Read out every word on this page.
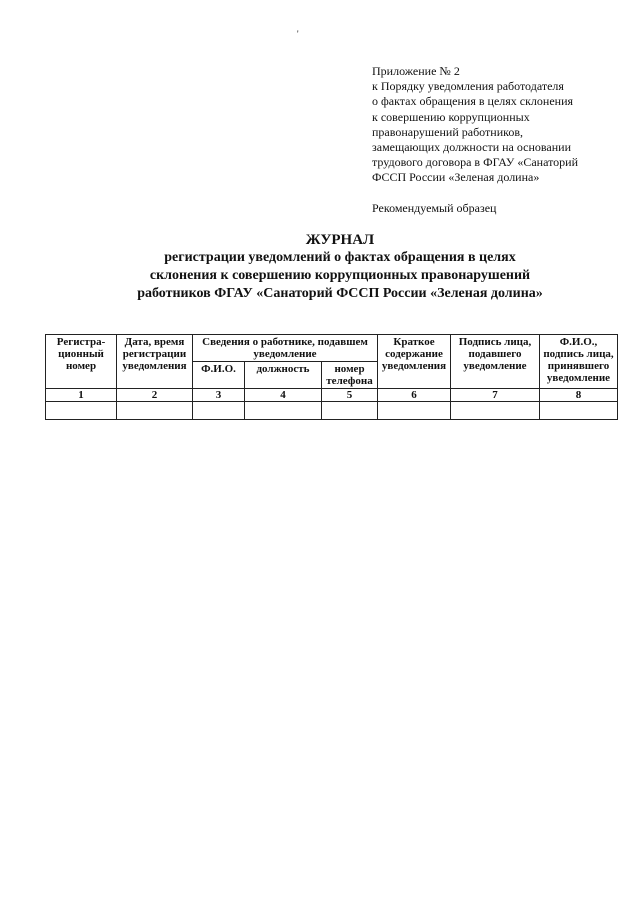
'
Приложение № 2
к Порядку уведомления работодателя
о фактах обращения в целях склонения
к совершению коррупционных
правонарушений работников,
замещающих должности на основании
трудового договора в ФГАУ «Санаторий
ФССП России «Зеленая долина»
Рекомендуемый образец
ЖУРНАЛ
регистрации уведомлений о фактах обращения в целях
склонения к совершению коррупционных правонарушений
работников ФГАУ «Санаторий ФССП России «Зеленая долина»
Регистра-ционный номер	Дата, время регистрации уведомления	Сведения о работнике, подавшем уведомление			Краткое содержание уведомления	Подпись лица, подавшего уведомление	Ф.И.О., подпись лица, принявшего уведомление
		Ф.И.О.	должность	номер телефона			
1	2	3	4	5	6	7	8
